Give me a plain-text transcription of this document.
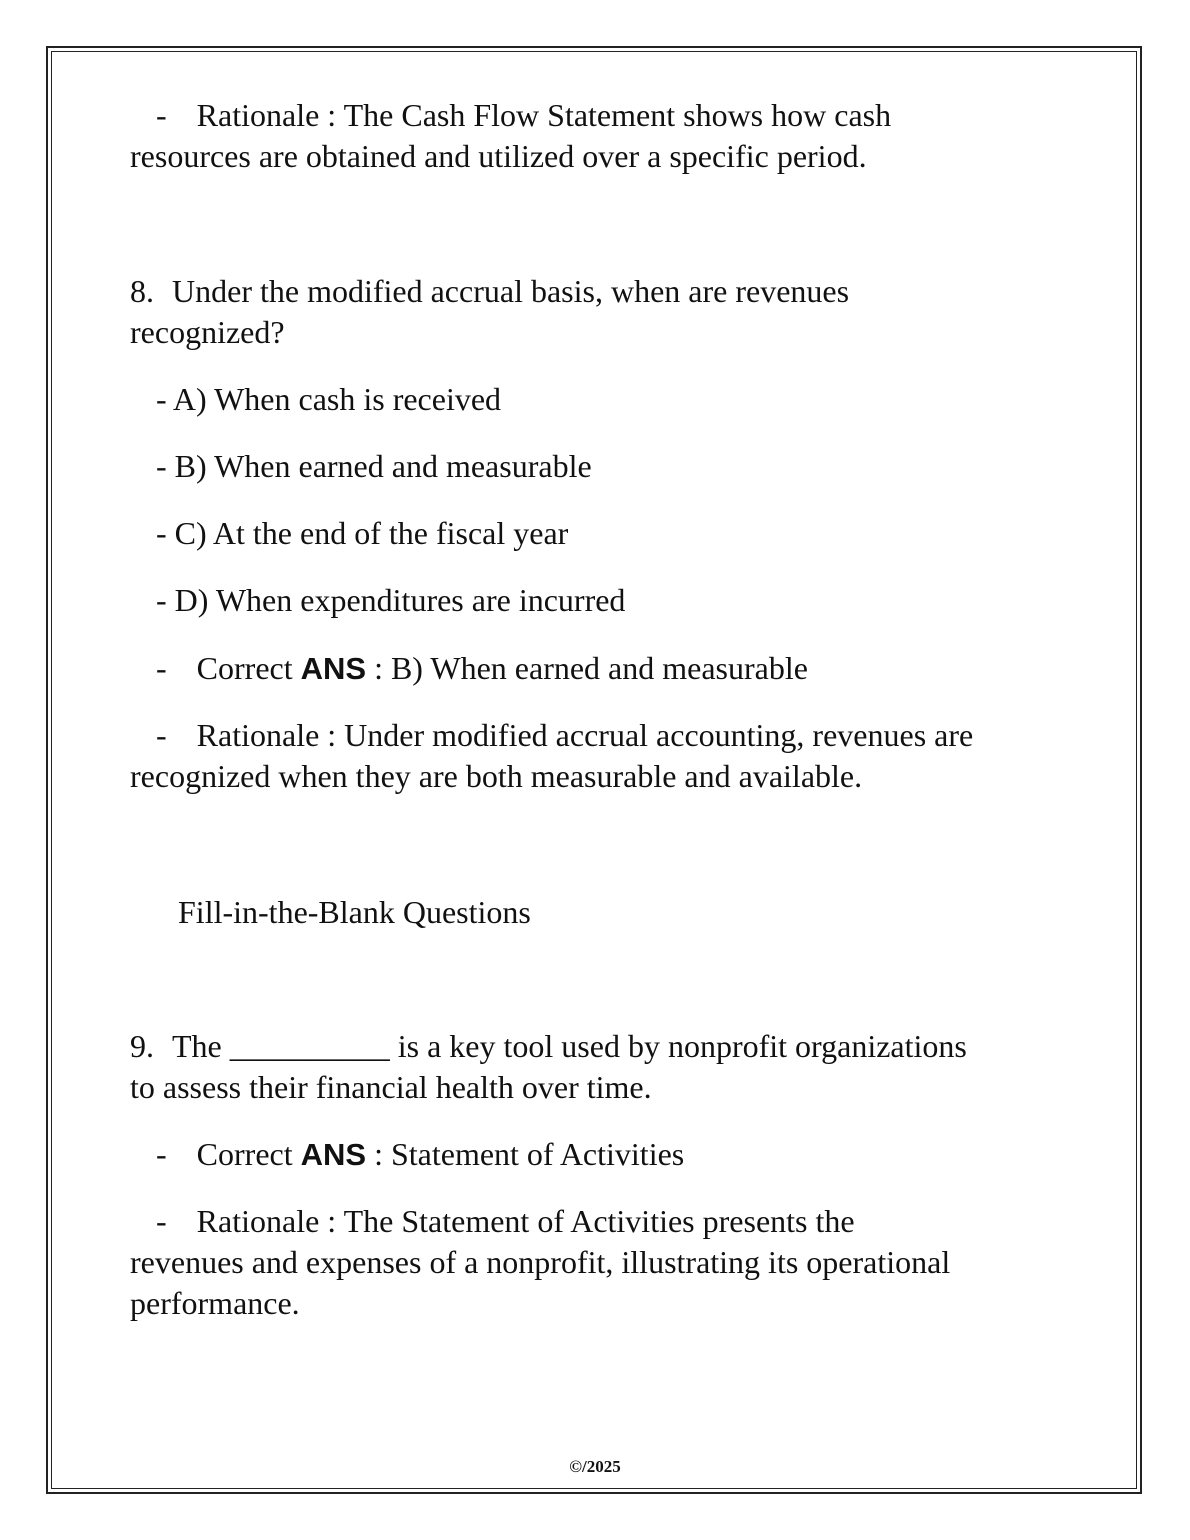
- Rationale : The Cash Flow Statement shows how cash
resources are obtained and utilized over a specific period.
8. Under the modified accrual basis, when are revenues
recognized?
- A) When cash is received
- B) When earned and measurable
- C) At the end of the fiscal year
- D) When expenditures are incurred
- Correct ANS : B) When earned and measurable
- Rationale : Under modified accrual accounting, revenues are
recognized when they are both measurable and available.
Fill-in-the-Blank Questions
9. The __________ is a key tool used by nonprofit organizations
to assess their financial health over time.
- Correct ANS : Statement of Activities
- Rationale : The Statement of Activities presents the
revenues and expenses of a nonprofit, illustrating its operational
performance.
©/2025
